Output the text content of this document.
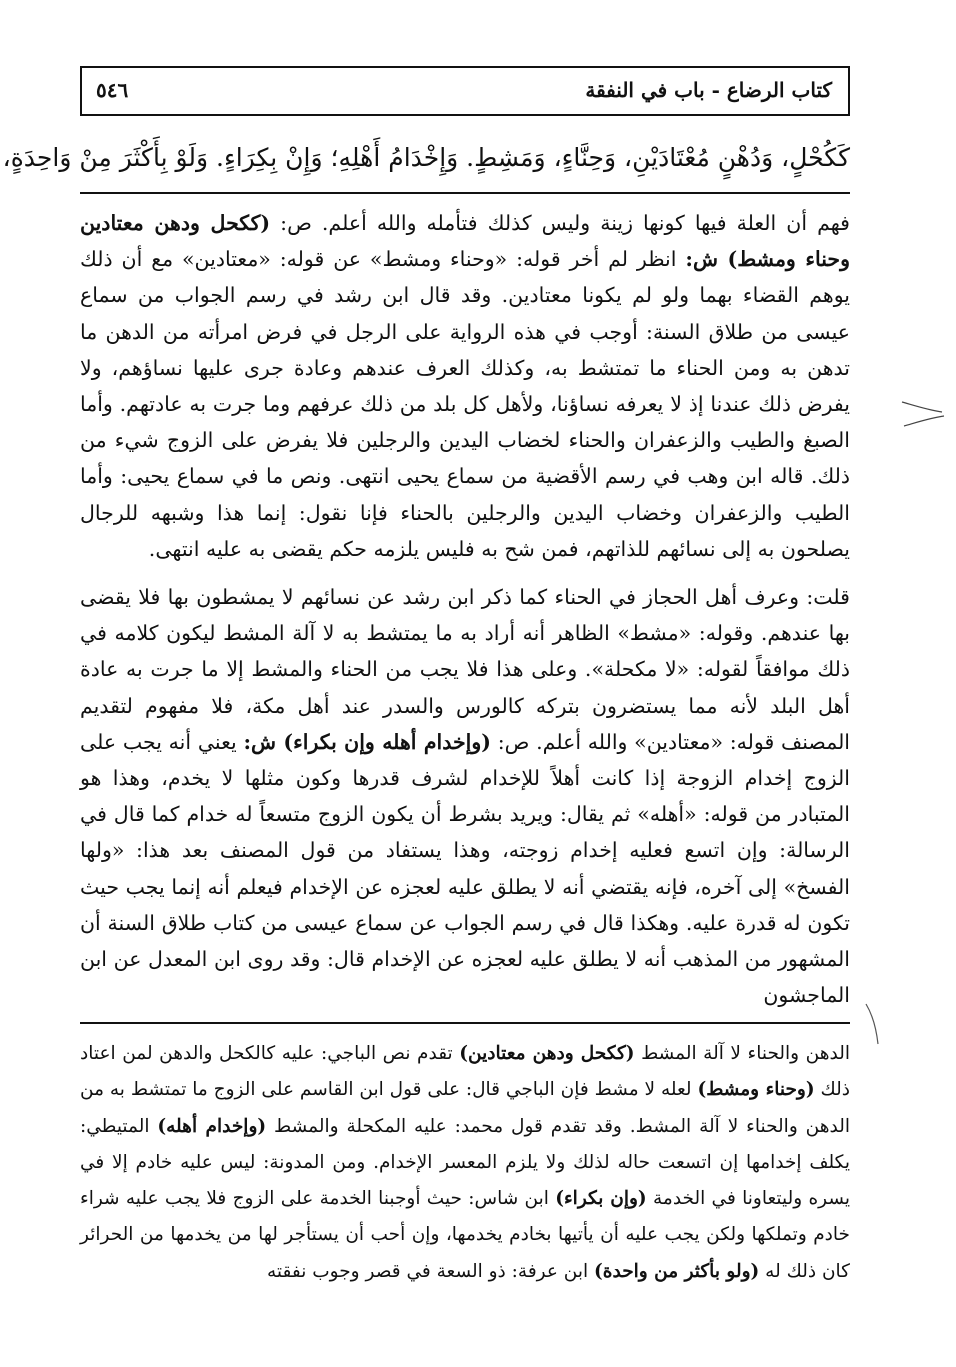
كتاب الرضاع - باب في النفقة
٥٤٦
كَكُحْلٍ، وَدُهْنٍ مُعْتَادَيْنِ، وَحِنَّاءٍ، وَمَشِطٍ. وَإِخْدَامُ أَهْلِهِ؛ وَإِنْ بِكِرَاءٍ. وَلَوْ بِأَكْثَرَ مِنْ وَاحِدَةٍ،

فهم أن العلة فيها كونها زينة وليس كذلك فتأمله والله أعلم. ص: (ككحل ودهن معتادين وحناء ومشط) ش: انظر لم أخر قوله: «وحناء ومشط» عن قوله: «معتادين» مع أن ذلك يوهم القضاء بهما ولو لم يكونا معتادين. وقد قال ابن رشد في رسم الجواب من سماع عيسى من طلاق السنة: أوجب في هذه الرواية على الرجل في فرض امرأته من الدهن ما تدهن به ومن الحناء ما تمتشط به، وكذلك العرف عندهم وعادة جرى عليها نساؤهم، ولا يفرض ذلك عندنا إذ لا يعرفه نساؤنا، ولأهل كل بلد من ذلك عرفهم وما جرت به عادتهم. وأما الصبغ والطيب والزعفران والحناء لخضاب اليدين والرجلين فلا يفرض على الزوج شيء من ذلك. قاله ابن وهب في رسم الأقضية من سماع يحيى انتهى. ونص ما في سماع يحيى: وأما الطيب والزعفران وخضاب اليدين والرجلين بالحناء فإنا نقول: إنما هذا وشبهه للرجال يصلحون به إلى نسائهم للذاتهم، فمن شح به فليس يلزمه حكم يقضى به عليه انتهى.

قلت: وعرف أهل الحجاز في الحناء كما ذكر ابن رشد عن نسائهم لا يمشطون بها فلا يقضى بها عندهم. وقوله: «مشط» الظاهر أنه أراد به ما يمتشط به لا آلة المشط ليكون كلامه في ذلك موافقاً لقوله: «لا مكحلة». وعلى هذا فلا يجب من الحناء والمشط إلا ما جرت به عادة أهل البلد لأنه مما يستضرون بتركه كالورس والسدر عند أهل مكة، فلا مفهوم لتقديم المصنف قوله: «معتادين» والله أعلم. ص: (وإخدام أهله وإن بكراء) ش: يعني أنه يجب على الزوج إخدام الزوجة إذا كانت أهلاً للإخدام لشرف قدرها وكون مثلها لا يخدم، وهذا هو المتبادر من قوله: «أهله» ثم يقال: ويريد بشرط أن يكون الزوج متسعاً له خدام كما قال في الرسالة: وإن اتسع فعليه إخدام زوجته، وهذا يستفاد من قول المصنف بعد هذا: «ولها الفسخ» إلى آخره، فإنه يقتضي أنه لا يطلق عليه لعجزه عن الإخدام فيعلم أنه إنما يجب حيث تكون له قدرة عليه. وهكذا قال في رسم الجواب عن سماع عيسى من كتاب طلاق السنة أن المشهور من المذهب أنه لا يطلق عليه لعجزه عن الإخدام قال: وقد روى ابن المعدل عن ابن الماجشون

الدهن والحناء لا آلة المشط (ككحل ودهن معتادين) تقدم نص الباجي: عليه كالكحل والدهن لمن اعتاد ذلك (وحناء ومشط) لعله لا مشط فإن الباجي قال: على قول ابن القاسم على الزوج ما تمتشط به من الدهن والحناء لا آلة المشط. وقد تقدم قول محمد: عليه المكحلة والمشط (وإخدام أهله) المتيطي: يكلف إخدامها إن اتسعت حاله لذلك ولا يلزم المعسر الإخدام. ومن المدونة: ليس عليه خادم إلا في يسره وليتعاونا في الخدمة (وإن بكراء) ابن شاس: حيث أوجبنا الخدمة على الزوج فلا يجب عليه شراء خادم وتملكها ولكن يجب عليه أن يأتيها بخادم يخدمها، وإن أحب أن يستأجر لها من يخدمها من الحرائر كان ذلك له (ولو بأكثر من واحدة) ابن عرفة: ذو السعة في قصر وجوب نفقته
